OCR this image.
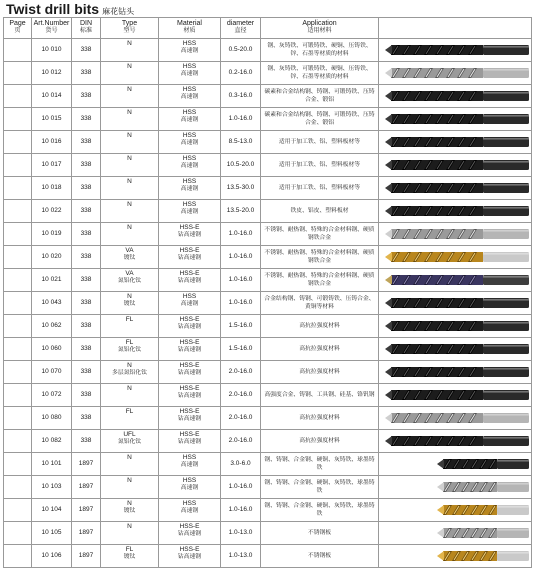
Twist drill bits 麻花钻头
Page
页	Art.Number
货号	DIN
标准	Type
型号	Material
材质	diameter
直径	Application
适用材料	

	10 010	338	N	HSS
高速钢	0.5-20.0	钢、灰铸铁、可锻铸铁、硬铜、压铸铁、锌、石墨等材质的材料	

	10 012	338	N	HSS
高速钢	0.2-16.0	钢、灰铸铁、可锻铸铁、硬铜、压铸铁、锌、石墨等材质的材料	

	10 014	338	N	HSS
高速钢	0.3-16.0	碳素和合金结构钢、铸钢、可锻铸铁、压铸合金、锻铝	

	10 015	338	N	HSS
高速钢	1.0-16.0	碳素和合金结构钢、铸钢、可锻铸铁、压铸合金、锻铝	

	10 016	338	N	HSS
高速钢	8.5-13.0	适用于加工铁、铝、塑料板材等	

	10 017	338	N	HSS
高速钢	10.5-20.0	适用于加工铁、铝、塑料板材等	

	10 018	338	N	HSS
高速钢	13.5-30.0	适用于加工铁、铝、塑料板材等	

	10 022	338	N	HSS
高速钢	13.5-20.0	铁皮、铝皮、塑料板材	

	10 019	338	N	HSS-E
钴高速钢	1.0-16.0	不锈钢、耐热钢、特殊的合金材料钢、硬质钢铁合金	

	10 020	338	VA
镀钛	HSS-E
钴高速钢	1.0-16.0	不锈钢、耐热钢、特殊的合金材料钢、硬质钢铁合金	

	10 021	338	VA
氮铝化钛	HSS-E
钴高速钢	1.0-16.0	不锈钢、耐热钢、特殊的合金材料钢、硬质钢铁合金	

	10 043	338	N
镀钛	HSS
高速钢	1.0-16.0	合金结构钢、铸钢、可锻铸铁、压铸合金、黄铜等材料	

	10 062	338	FL	HSS-E
钴高速钢	1.5-16.0	高抗拉强度材料	

	10 060	338	FL
氮铝化钛	HSS-E
钴高速钢	1.5-16.0	高抗拉强度材料	

	10 070	338	N
多层氮铝化钛	HSS-E
钴高速钢	2.0-16.0	高抗拉强度材料	

	10 072	338	N	HSS-E
钴高速钢	2.0-16.0	高强度合金、铸钢、工具钢、硅基、铬钒钢	

	10 080	338	FL	HSS-E
钴高速钢	2.0-16.0	高抗拉强度材料	

	10 082	338	UFL
氮铝化钛	HSS-E
钴高速钢	2.0-16.0	高抗拉强度材料	

	10 101	1897	N	HSS
高速钢	3.0-6.0	钢、铸钢、合金钢、硬铜、灰铸铁、球墨铸铁	

	10 103	1897	N	HSS
高速钢	1.0-16.0	钢、铸钢、合金钢、硬铜、灰铸铁、球墨铸铁	

	10 104	1897	N
镀钛	HSS
高速钢	1.0-16.0	钢、铸钢、合金钢、硬铜、灰铸铁、球墨铸铁	

	10 105	1897	N	HSS-E
钴高速钢	1.0-13.0	不锈钢板	

	10 106	1897	FL
镀钛	HSS-E
钴高速钢	1.0-13.0	不锈钢板	
